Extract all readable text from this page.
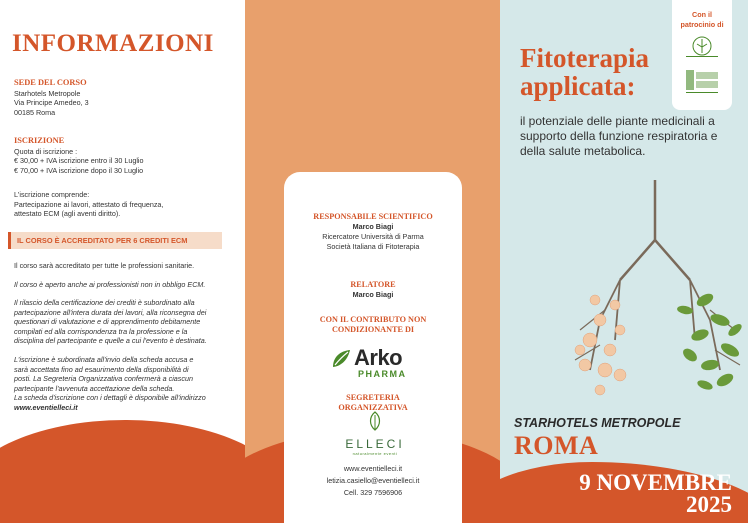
INFORMAZIONI
SEDE DEL CORSO
Starhotels Metropole
Via Principe Amedeo, 3
00185 Roma
ISCRIZIONE
Quota di iscrizione :
€ 30,00 + IVA iscrizione entro il 30 Luglio
€ 70,00 + IVA iscrizione dopo il 30 Luglio
L'iscrizione comprende:
Partecipazione ai lavori, attestato di frequenza,
attestato ECM (agli aventi diritto).
IL CORSO È ACCREDITATO PER 6 CREDITI ECM
Il corso sarà accreditato per tutte le professioni sanitarie.
Il corso è aperto anche ai professionisti non in obbligo ECM.
Il rilascio della certificazione dei crediti è subordinato alla
partecipazione all'intera durata dei lavori, alla riconsegna dei
questionari di valutazione e di apprendimento debitamente
compilati ed alla corrispondenza tra la professione e la
disciplina del partecipante e quelle a cui l'evento è destinata.
L'iscrizione è subordinata all'invio della scheda accusa e
sarà accettata fino ad esaurimento della disponibilità di
posti. La Segreteria Organizzativa confermerà a ciascun
partecipante l'avvenuta accettazione della scheda.
La scheda d'iscrizione con i dettagli è disponibile all'indirizzo
www.eventielleci.it
RESPONSABILE SCIENTIFICO
Marco Biagi
Ricercatore Università di Parma
Società Italiana di Fitoterapia
RELATORE
Marco Biagi
CON IL CONTRIBUTO NON
CONDIZIONANTE DI
Arko
PHARMA
SEGRETERIA
ORGANIZZATIVA
ELLECI
naturalmente eventi
www.eventielleci.it
letizia.casiello@eventielleci.it
Cell. 329 7596906
Con il
patrocinio di

Fitoterapia
applicata:
il potenziale delle piante medicinali a supporto della funzione respiratoria e della salute metabolica.
STARHOTELS METROPOLE
ROMA
9 NOVEMBRE
2025
